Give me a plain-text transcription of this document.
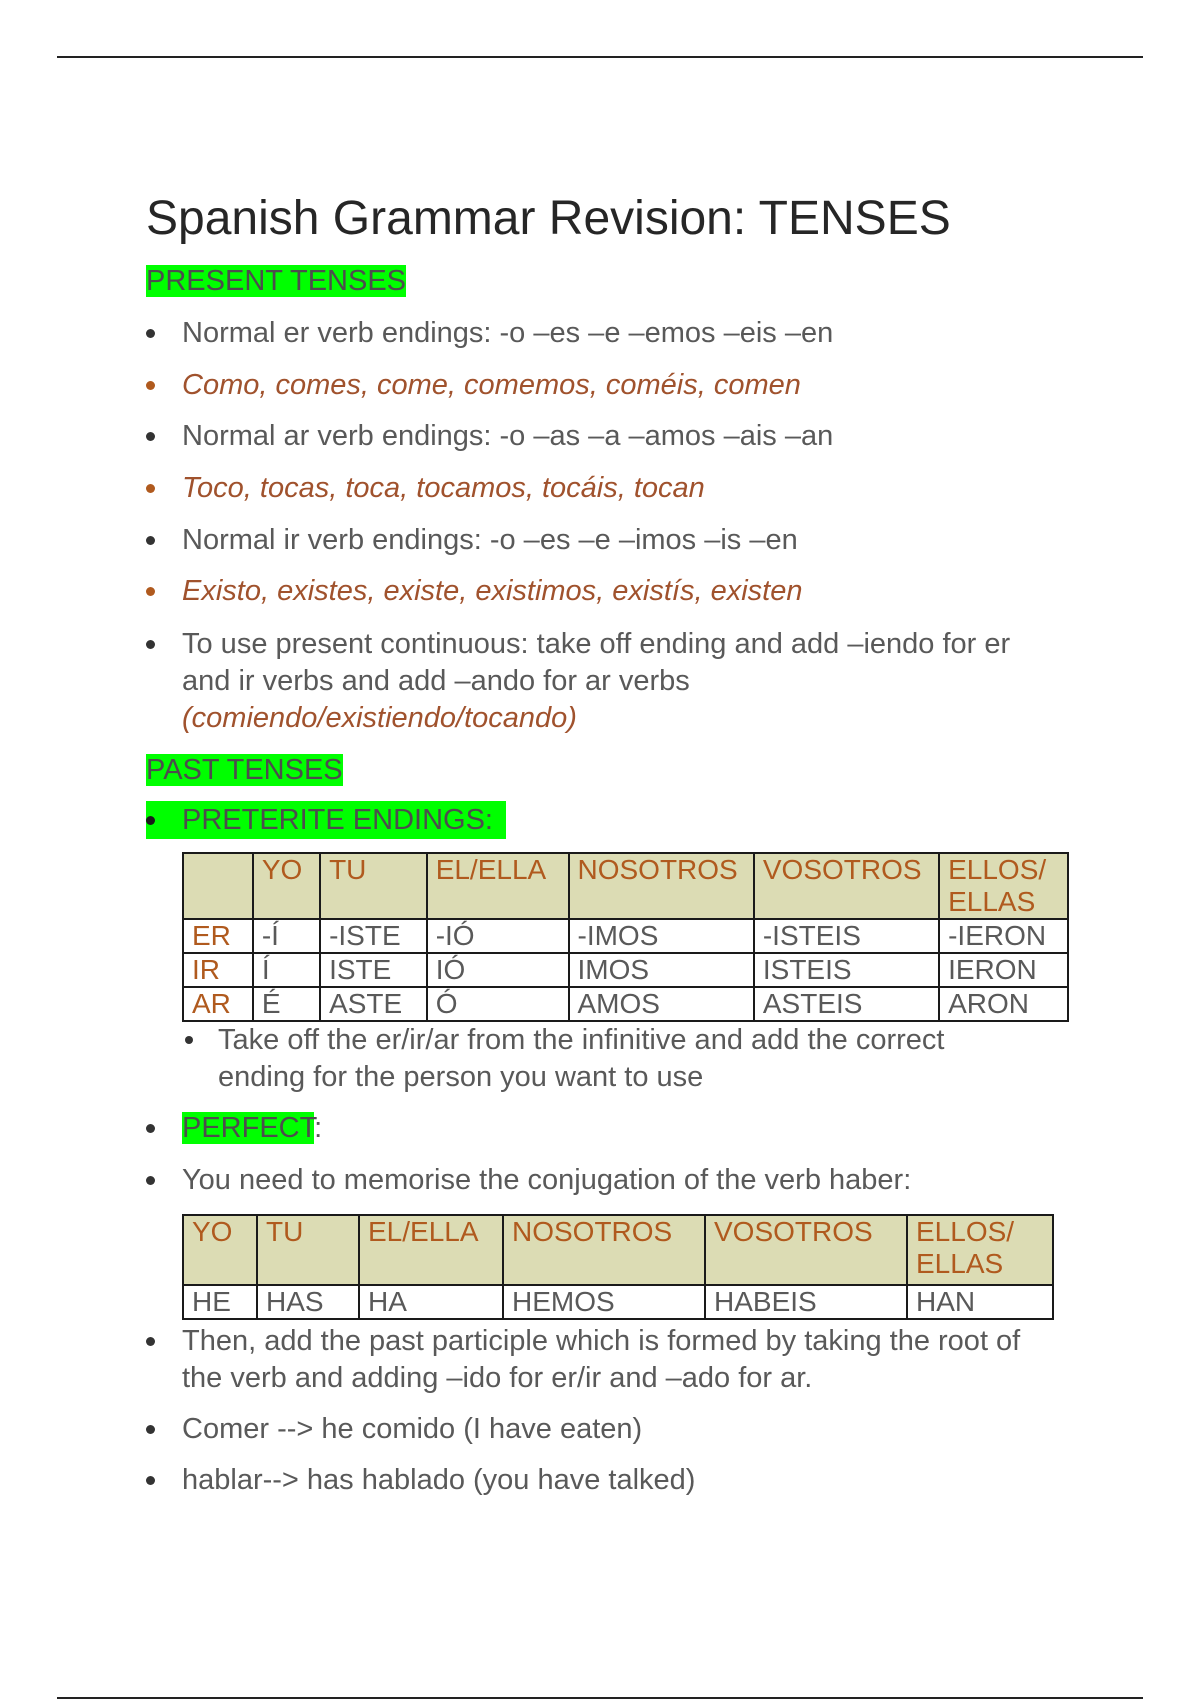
Spanish Grammar Revision: TENSES
PRESENT TENSES
Normal er verb endings: -o –es –e –emos –eis –en
Como, comes, come, comemos, coméis, comen
Normal ar verb endings: -o –as –a –amos –ais –an
Toco, tocas, toca, tocamos, tocáis, tocan
Normal ir verb endings: -o –es –e –imos –is –en
Existo, existes, existe, existimos, existís, existen
To use present continuous: take off ending and add –iendo for er and ir verbs and add –ando for ar verbs
(comiendo/existiendo/tocando)
PAST TENSES
PRETERITE ENDINGS:
	YO	TU	EL/ELLA	NOSOTROS	VOSOTROS	ELLOS/ ELLAS
ER	-Í	-ISTE	-IÓ	-IMOS	-ISTEIS	-IERON
IR	Í	ISTE	IÓ	IMOS	ISTEIS	IERON
AR	É	ASTE	Ó	AMOS	ASTEIS	ARON
Take off the er/ir/ar from the infinitive and add the correct ending for the person you want to use
PERFECT:
You need to memorise the conjugation of the verb haber:
YO	TU	EL/ELLA	NOSOTROS	VOSOTROS	ELLOS/ ELLAS
HE	HAS	HA	HEMOS	HABEIS	HAN
Then, add the past participle which is formed by taking the root of the verb and adding –ido for er/ir and –ado for ar.
Comer --> he comido (I have eaten)
hablar--> has hablado (you have talked)
